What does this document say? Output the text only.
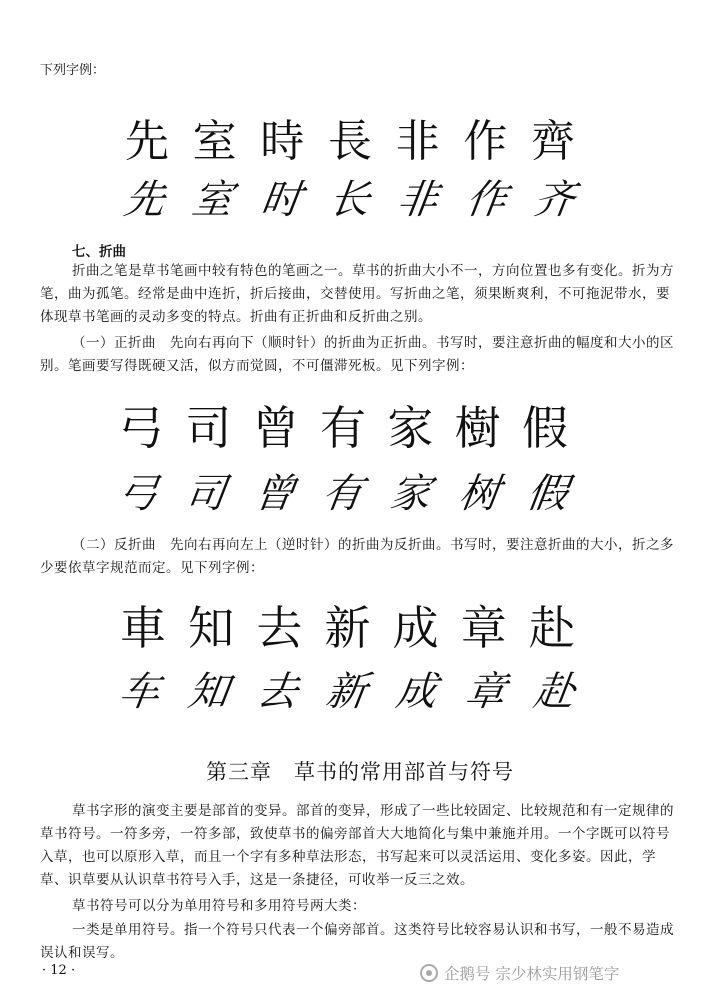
下列字例：
先 室 時 長 非 作 齊
先 室 时 长 非 作 齐
七、折曲
折曲之笔是草书笔画中较有特色的笔画之一。草书的折曲大小不一，方向位置也多有变化。折为方笔，曲为孤笔。经常是曲中连折，折后接曲，交替使用。写折曲之笔，须果断爽利，不可拖泥带水，要体现草书笔画的灵动多变的特点。折曲有正折曲和反折曲之别。
（一）正折曲　先向右再向下（顺时针）的折曲为正折曲。书写时，要注意折曲的幅度和大小的区别。笔画要写得既硬又活，似方而觉圆，不可僵滞死板。见下列字例：
弓 司 曾 有 家 樹 假
弓 司 曾 有 家 树 假
（二）反折曲　先向右再向左上（逆时针）的折曲为反折曲。书写时，要注意折曲的大小，折之多少要依草字规范而定。见下列字例：
車 知 去 新 成 章 赴
车 知 去 新 成 章 赴
第三章 草书的常用部首与符号
草书字形的演变主要是部首的变异。部首的变异，形成了一些比较固定、比较规范和有一定规律的草书符号。一符多旁，一符多部，致使草书的偏旁部首大大地简化与集中兼施并用。一个字既可以符号入草，也可以原形入草，而且一个字有多种草法形态，书写起来可以灵活运用、变化多姿。因此，学草、识草要从认识草书符号入手，这是一条捷径，可收举一反三之效。
草书符号可以分为单用符号和多用符号两大类：
一类是单用符号。指一个符号只代表一个偏旁部首。这类符号比较容易认识和书写，一般不易造成误认和误写。
· 12 ·	企鹅号 宗少林实用钢笔字
